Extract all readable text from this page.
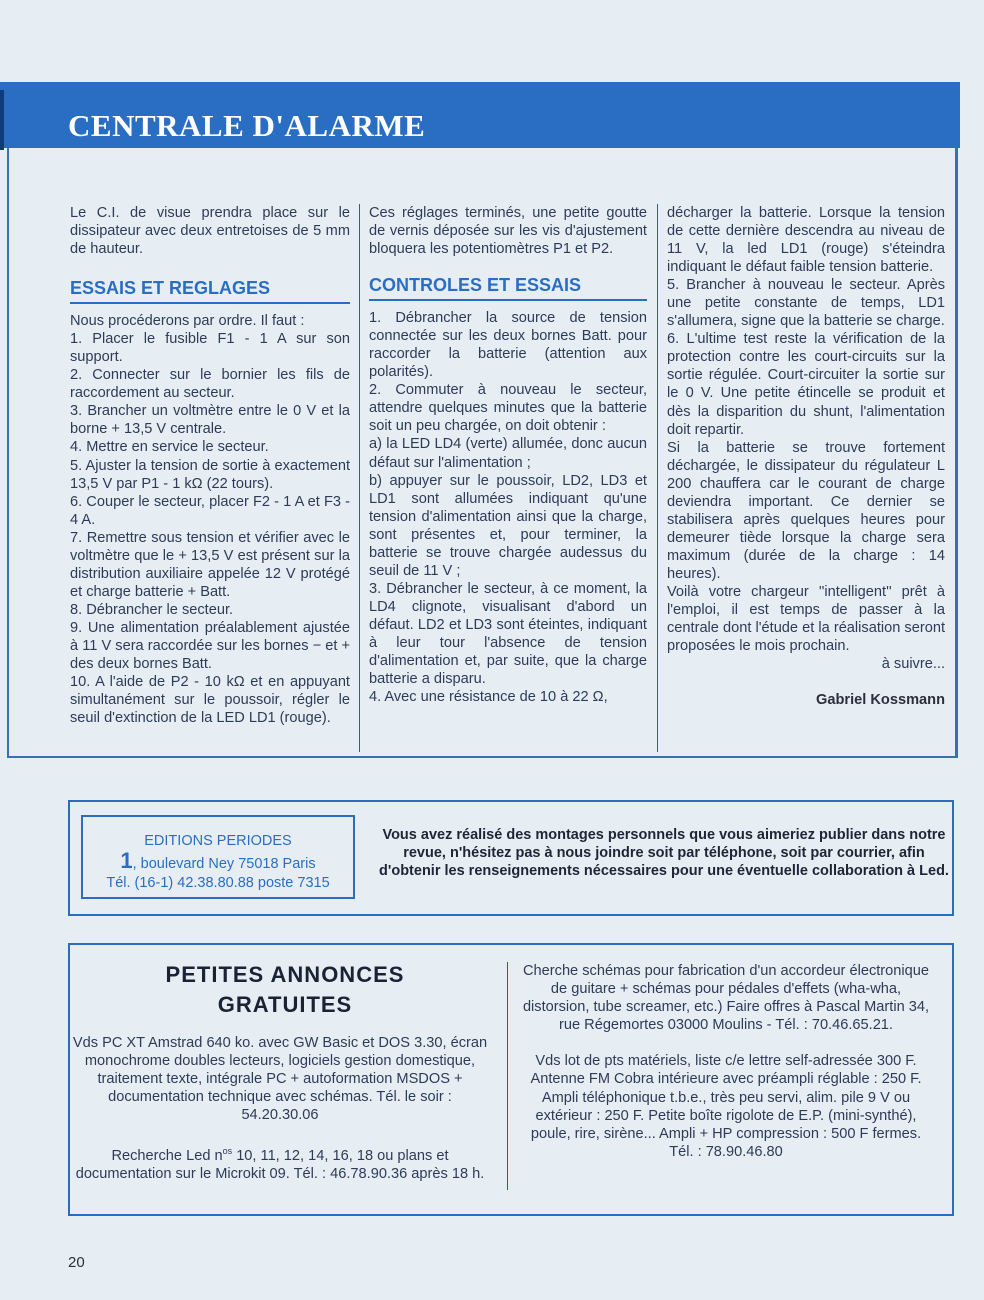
CENTRALE D'ALARME

Le C.I. de visue prendra place sur le dissipateur avec deux entretoises de 5 mm de hauteur.

ESSAIS ET REGLAGES

Nous procéderons par ordre. Il faut :

1. Placer le fusible F1 - 1 A sur son support.

2. Connecter sur le bornier les fils de raccordement au secteur.

3. Brancher un voltmètre entre le 0 V et la borne + 13,5 V centrale.

4. Mettre en service le secteur.

5. Ajuster la tension de sortie à exactement 13,5 V par P1 - 1 kΩ (22 tours).

6. Couper le secteur, placer F2 - 1 A et F3 - 4 A.

7. Remettre sous tension et vérifier avec le voltmètre que le + 13,5 V est présent sur la distribution auxiliaire appelée 12 V protégé et charge batterie + Batt.

8. Débrancher le secteur.

9. Une alimentation préalablement ajustée à 11 V sera raccordée sur les bornes − et + des deux bornes Batt.

10. A l'aide de P2 - 10 kΩ et en appuyant simultanément sur le poussoir, régler le seuil d'extinction de la LED LD1 (rouge).

Ces réglages terminés, une petite goutte de vernis déposée sur les vis d'ajustement bloquera les potentiomètres P1 et P2.

CONTROLES ET ESSAIS

1. Débrancher la source de tension connectée sur les deux bornes Batt. pour raccorder la batterie (attention aux polarités).

2. Commuter à nouveau le secteur, attendre quelques minutes que la batterie soit un peu chargée, on doit obtenir :

a) la LED LD4 (verte) allumée, donc aucun défaut sur l'alimentation ;

b) appuyer sur le poussoir, LD2, LD3 et LD1 sont allumées indiquant qu'une tension d'alimentation ainsi que la charge, sont présentes et, pour terminer, la batterie se trouve chargée audessus du seuil de 11 V ;

3. Débrancher le secteur, à ce moment, la LD4 clignote, visualisant d'abord un défaut. LD2 et LD3 sont éteintes, indiquant à leur tour l'absence de tension d'alimentation et, par suite, que la charge batterie a disparu.

4. Avec une résistance de 10 à 22 Ω,

décharger la batterie. Lorsque la tension de cette dernière descendra au niveau de 11 V, la led LD1 (rouge) s'éteindra indiquant le défaut faible tension batterie.

5. Brancher à nouveau le secteur. Après une petite constante de temps, LD1 s'allumera, signe que la batterie se charge.

6. L'ultime test reste la vérification de la protection contre les court-circuits sur la sortie régulée. Court-circuiter la sortie sur le 0 V. Une petite étincelle se produit et dès la disparition du shunt, l'alimentation doit repartir.

Si la batterie se trouve fortement déchargée, le dissipateur du régulateur L 200 chauffera car le courant de charge deviendra important. Ce dernier se stabilisera après quelques heures pour demeurer tiède lorsque la charge sera maximum (durée de la charge : 14 heures).

Voilà votre chargeur ''intelligent'' prêt à l'emploi, il est temps de passer à la centrale dont l'étude et la réalisation seront proposées le mois prochain.

à suivre...

Gabriel Kossmann

EDITIONS PERIODES
1, boulevard Ney 75018 Paris
Tél. (16-1) 42.38.80.88 poste 7315
Vous avez réalisé des montages personnels que vous aimeriez publier dans notre revue, n'hésitez pas à nous joindre soit par téléphone, soit par courrier, afin d'obtenir les renseignements nécessaires pour une éventuelle collaboration à Led.
PETITES ANNONCES
GRATUITES

Vds PC XT Amstrad 640 ko. avec GW Basic et DOS 3.30, écran monochrome doubles lecteurs, logiciels gestion domestique, traitement texte, intégrale PC + autoformation MSDOS + documentation technique avec schémas. Tél. le soir : 54.20.30.06

Recherche Led $n^{os}$ 10, 11, 12, 14, 16, 18 ou plans et documentation sur le Microkit 09. Tél. : 46.78.90.36 après 18 h.

Cherche schémas pour fabrication d'un accordeur électronique de guitare + schémas pour pédales d'effets (wha-wha, distorsion, tube screamer, etc.) Faire offres à Pascal Martin 34, rue Régemortes 03000 Moulins - Tél. : 70.46.65.21.

Vds lot de pts matériels, liste c/e lettre self-adressée 300 F. Antenne FM Cobra intérieure avec préampli réglable : 250 F. Ampli téléphonique t.b.e., très peu servi, alim. pile 9 V ou extérieur : 250 F. Petite boîte rigolote de E.P. (mini-synthé), poule, rire, sirène... Ampli + HP compression : 500 F fermes. Tél. : 78.90.46.80

20
